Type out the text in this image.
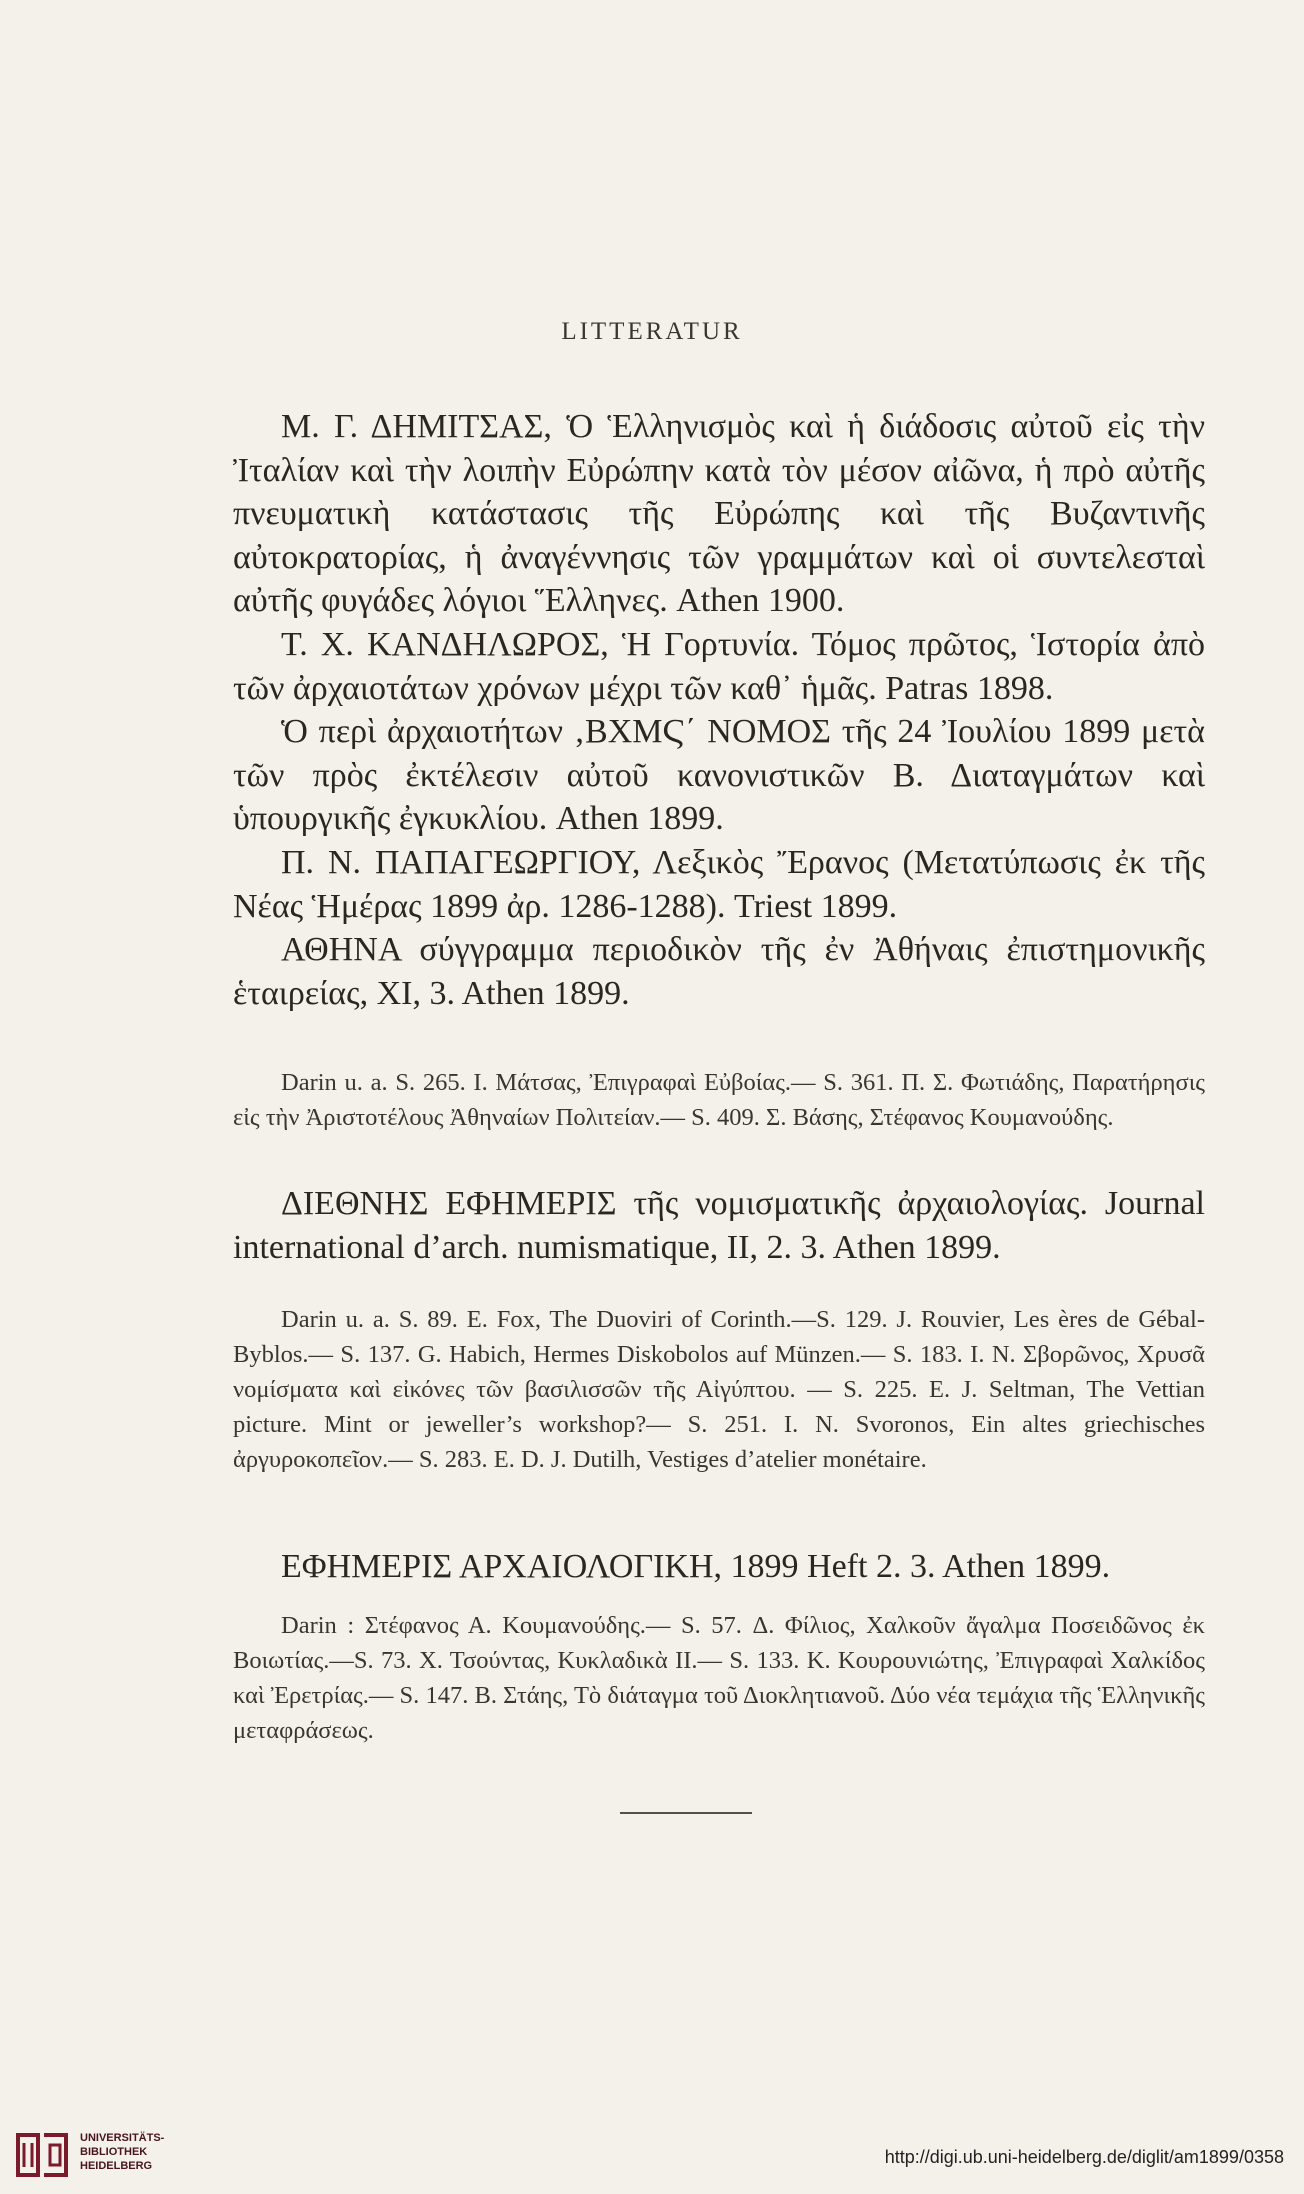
LITTERATUR

Μ. Γ. ΔΗΜΙΤΣΑΣ, Ὁ Ἑλληνισμὸς καὶ ἡ διάδοσις αὐτοῦ εἰς τὴν Ἰταλίαν καὶ τὴν λοιπὴν Εὐρώπην κατὰ τὸν μέσον αἰῶνα, ἡ πρὸ αὐτῆς πνευματικὴ κατάστασις τῆς Εὐρώπης καὶ τῆς Βυζαντινῆς αὐτοκρατορίας, ἡ ἀναγέννησις τῶν γραμμάτων καὶ οἱ συντελεσταὶ αὐτῆς φυγάδες λόγιοι Ἕλληνες. Athen 1900.

Τ. Χ. ΚΑΝΔΗΛΩΡΟΣ, Ἡ Γορτυνία. Τόμος πρῶτος, Ἱστορία ἀπὸ τῶν ἀρχαιοτάτων χρόνων μέχρι τῶν καθ᾽ ἡμᾶς. Patras 1898.

Ὁ περὶ ἀρχαιοτήτων ‚ΒΧΜϚ΄ ΝΟΜΟΣ τῆς 24 Ἰουλίου 1899 μετὰ τῶν πρὸς ἐκτέλεσιν αὐτοῦ κανονιστικῶν Β. Διαταγμάτων καὶ ὑπουργικῆς ἐγκυκλίου. Athen 1899.

Π. Ν. ΠΑΠΑΓΕΩΡΓΙΟΥ, Λεξικὸς Ἔρανος (Μετατύπωσις ἐκ τῆς Νέας Ἡμέρας 1899 ἀρ. 1286-1288). Triest 1899.

ΑΘΗΝΑ σύγγραμμα περιοδικὸν τῆς ἐν Ἀθήναις ἐπιστημονικῆς ἑταιρείας, XI, 3. Athen 1899.

Darin u. a. S. 265. I. Μάτσας, Ἐπιγραφαὶ Εὐβοίας.— S. 361. Π. Σ. Φωτιάδης, Παρατήρησις εἰς τὴν Ἀριστοτέλους Ἀθηναίων Πολιτείαν.— S. 409. Σ. Βάσης, Στέφανος Κουμανούδης.

ΔΙΕΘΝΗΣ ΕΦΗΜΕΡΙΣ τῆς νομισματικῆς ἀρχαιολογίας. Journal international d’arch. numismatique, II, 2. 3. Athen 1899.

Darin u. a. S. 89. E. Fox, The Duoviri of Corinth.—S. 129. J. Rouvier, Les ères de Gébal-Byblos.— S. 137. G. Habich, Hermes Diskobolos auf Münzen.— S. 183. I. N. Σβορῶνος, Χρυσᾶ νομίσματα καὶ εἰκόνες τῶν βασιλισσῶν τῆς Αἰγύπτου. — S. 225. E. J. Seltman, The Vettian picture. Mint or jeweller’s workshop?— S. 251. I. N. Svoronos, Ein altes griechisches ἀργυροκοπεῖον.— S. 283. E. D. J. Dutilh, Vestiges d’atelier monétaire.

ΕΦΗΜΕΡΙΣ ΑΡΧΑΙΟΛΟΓΙΚΗ, 1899 Heft 2. 3. Athen 1899.

Darin : Στέφανος Α. Κουμανούδης.— S. 57. Δ. Φίλιος, Χαλκοῦν ἄγαλμα Ποσειδῶνος ἐκ Βοιωτίας.—S. 73. Χ. Τσούντας, Κυκλαδικὰ II.— S. 133. Κ. Κουρουνιώτης, Ἐπιγραφαὶ Χαλκίδος καὶ Ἐρετρίας.— S. 147. Β. Στάης, Τὸ διάταγμα τοῦ Διοκλητιανοῦ. Δύο νέα τεμάχια τῆς Ἑλληνικῆς μεταφράσεως.

UNIVERSITÄTS-
BIBLIOTHEK
HEIDELBERG	http://digi.ub.uni-heidelberg.de/diglit/am1899/0358
